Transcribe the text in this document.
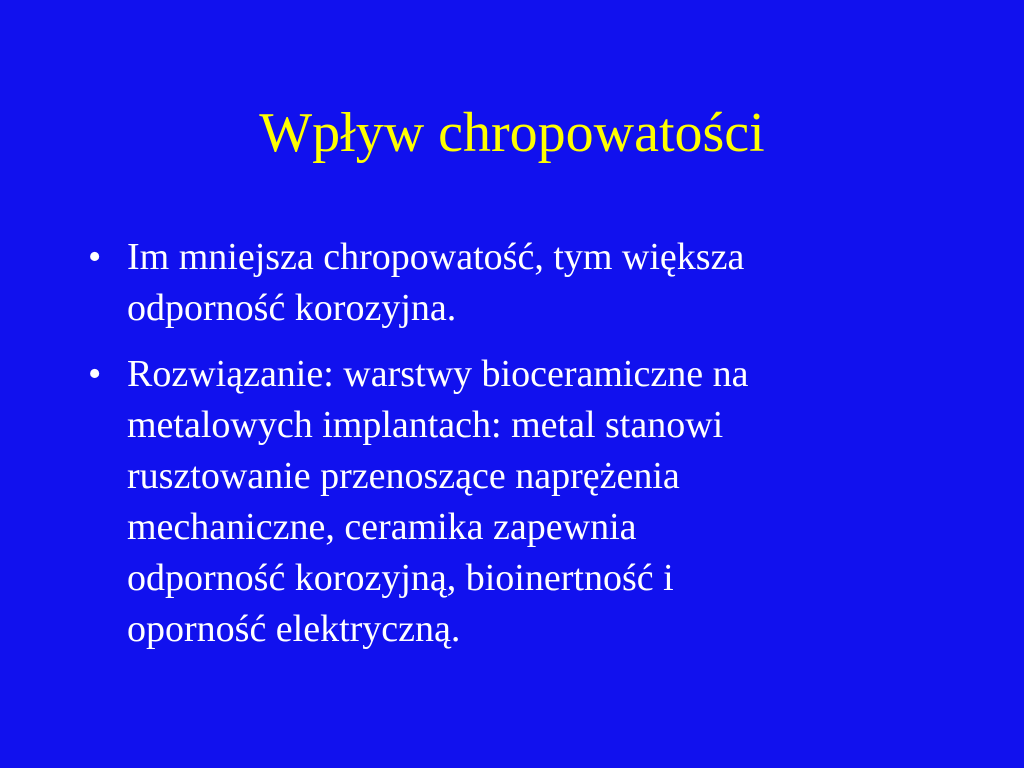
Wpływ chropowatości
• Im mniejsza chropowatość, tym większa
odporność korozyjna.
• Rozwiązanie: warstwy bioceramiczne na
metalowych implantach: metal stanowi
rusztowanie przenoszące naprężenia
mechaniczne, ceramika zapewnia
odporność korozyjną, bioinertność i
oporność elektryczną.
